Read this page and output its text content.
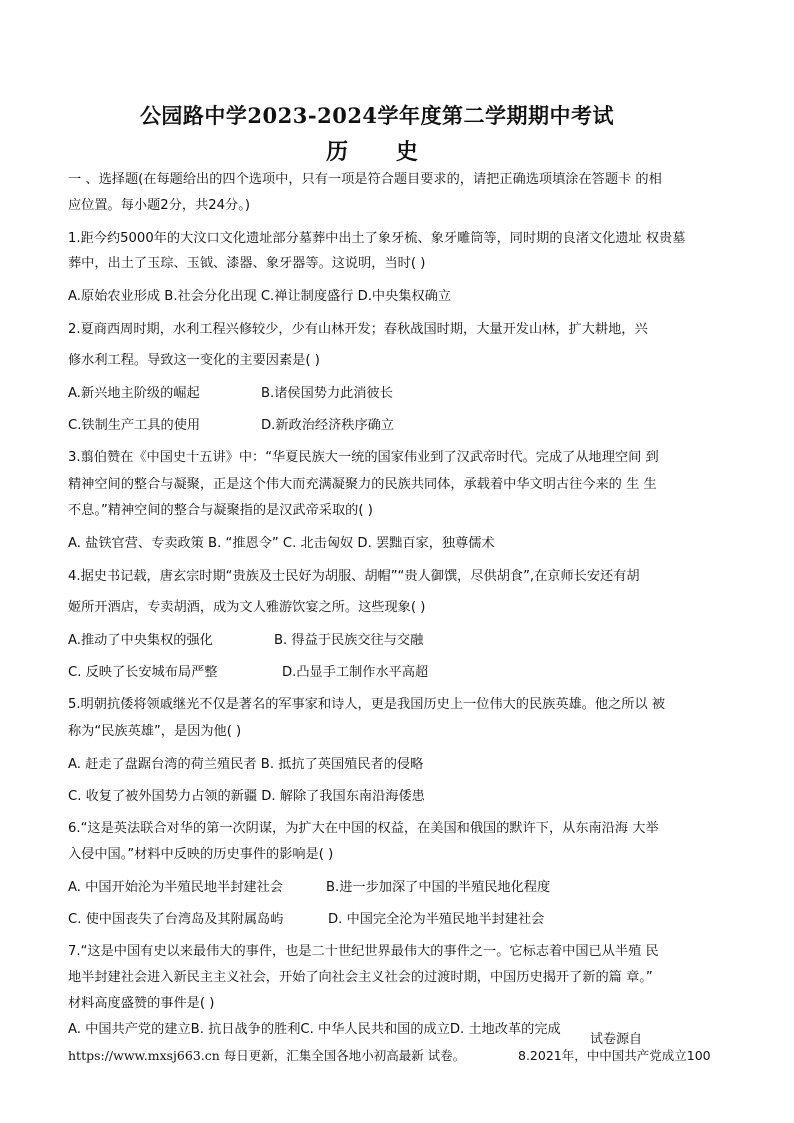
公园路中学2023-2024学年度第二学期期中考试
历 史
一 、选择题(在每题给出的四个选项中，只有一项是符合题目要求的，请把正确选项填涂在答题卡 的相
应位置。每小题2分，共24分。)
1.距今约5000年的大汶口文化遗址部分墓葬中出土了象牙梳、象牙雕筒等，同时期的良渚文化遗址 权贵墓
葬中，出土了玉琮、玉钺、漆器、象牙器等。这说明，当时( )
A.原始农业形成 B.社会分化出现 C.禅让制度盛行 D.中央集权确立
2.夏商西周时期，水利工程兴修较少，少有山林开发；春秋战国时期，大量开发山林，扩大耕地，兴
修水利工程。导致这一变化的主要因素是( )
A.新兴地主阶级的崛起	B.诸侯国势力此消彼长
C.铁制生产工具的使用	D.新政治经济秩序确立
3.翦伯赞在《中国史十五讲》中：“华夏民族大一统的国家伟业到了汉武帝时代。完成了从地理空间 到
精神空间的整合与凝聚，正是这个伟大而充满凝聚力的民族共同体，承载着中华文明古往今来的 生 生
不息。”精神空间的整合与凝聚指的是汉武帝采取的( )
A. 盐铁官营、专卖政策 B. “推恩令” C. 北击匈奴 D. 罢黜百家，独尊儒术
4.据史书记载，唐玄宗时期“贵族及士民好为胡服、胡帽”“贵人御馔，尽供胡食”,在京师长安还有胡
姬所开酒店，专卖胡酒，成为文人雅游饮宴之所。这些现象( )
A.推动了中央集权的强化	B. 得益于民族交往与交融
C. 反映了长安城布局严整	D.凸显手工制作水平高超
5.明朝抗倭将领戚继光不仅是著名的军事家和诗人，更是我国历史上一位伟大的民族英雄。他之所以 被
称为“民族英雄”，是因为他( )
A. 赶走了盘踞台湾的荷兰殖民者 B. 抵抗了英国殖民者的侵略
C. 收复了被外国势力占领的新疆 D. 解除了我国东南沿海倭患
6.“这是英法联合对华的第一次阴谋，为扩大在中国的权益，在美国和俄国的默许下，从东南沿海 大举
入侵中国。”材料中反映的历史事件的影响是( )
A. 中国开始沦为半殖民地半封建社会	B.进一步加深了中国的半殖民地化程度
C. 使中国丧失了台湾岛及其附属岛屿	D. 中国完全沦为半殖民地半封建社会
7.“这是中国有史以来最伟大的事件，也是二十世纪世界最伟大的事件之一。它标志着中国已从半殖 民
地半封建社会进入新民主主义社会，开始了向社会主义社会的过渡时期，中国历史揭开了新的篇 章。”
材料高度盛赞的事件是( )
A. 中国共产党的建立B. 抗日战争的胜利C. 中华人民共和国的成立D. 土地改革的完成
试卷源自
https://www.mxsj663.cn 每日更新，汇集全国各地小初高最新 试卷。	8.2021年，中中国共产党成立100
